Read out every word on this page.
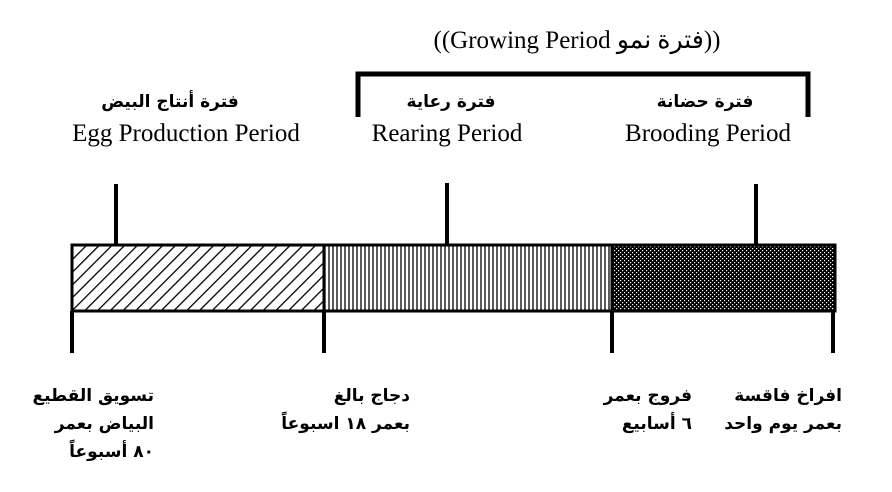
((Growing Period فترة نمو))
فترة أنتاج البيض
Egg Production Period
فترة رعاية
Rearing Period
فترة حضانة
Brooding Period
تسويق القطيع
البياض بعمر
٨٠ أسبوعاً
دجاج بالغ
بعمر ١٨ اسبوعاً
فروج بعمر
٦ أسابيع
افراخ فاقسة
بعمر يوم واحد
